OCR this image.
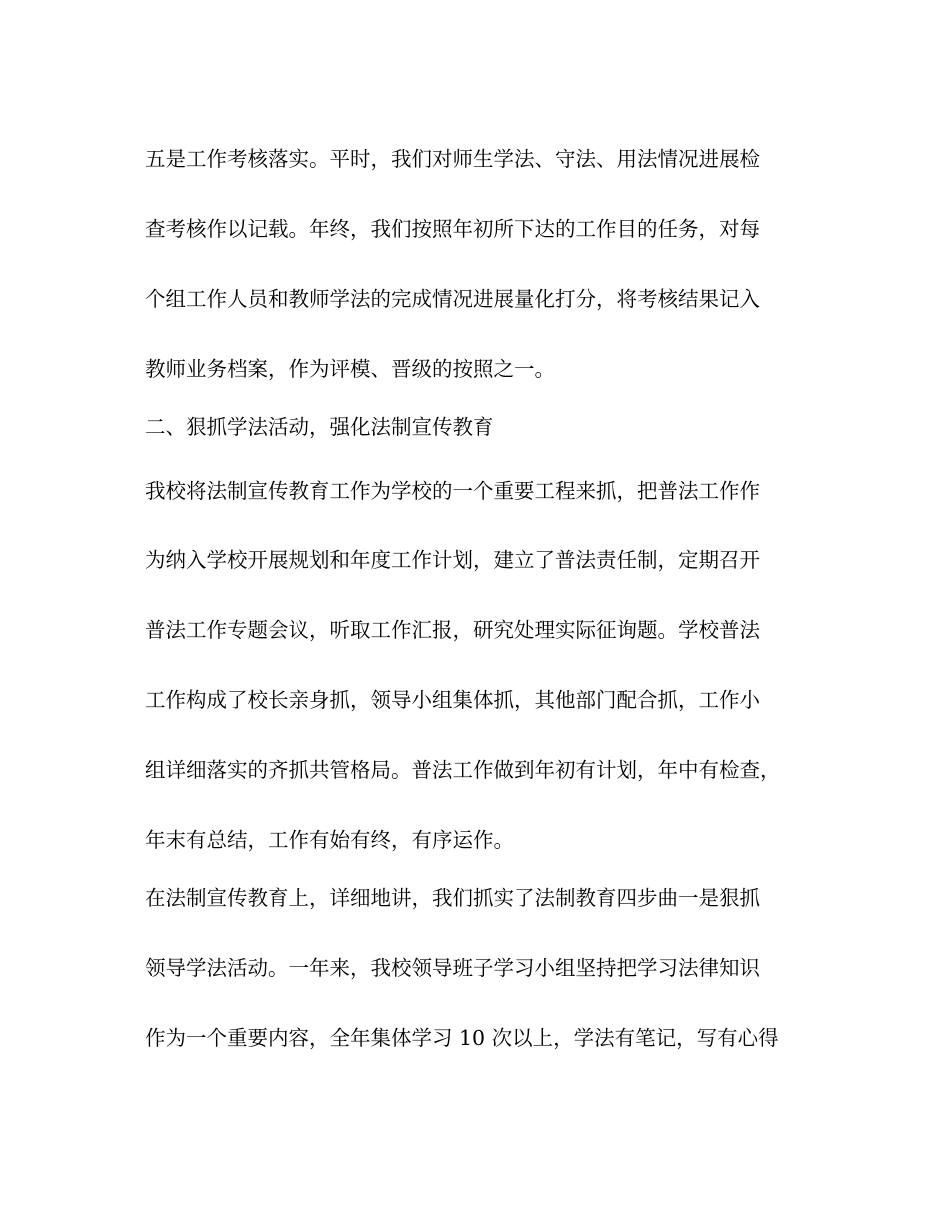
五是工作考核落实。平时，我们对师生学法、守法、用法情况进展检

查考核作以记载。年终，我们按照年初所下达的工作目的任务，对每

个组工作人员和教师学法的完成情况进展量化打分，将考核结果记入

教师业务档案，作为评模、晋级的按照之一。

二、狠抓学法活动，强化法制宣传教育

我校将法制宣传教育工作为学校的一个重要工程来抓，把普法工作作

为纳入学校开展规划和年度工作计划，建立了普法责任制，定期召开

普法工作专题会议，听取工作汇报，研究处理实际征询题。学校普法

工作构成了校长亲身抓，领导小组集体抓，其他部门配合抓，工作小

组详细落实的齐抓共管格局。普法工作做到年初有计划，年中有检查，

年末有总结，工作有始有终，有序运作。

在法制宣传教育上，详细地讲，我们抓实了法制教育四步曲一是狠抓

领导学法活动。一年来，我校领导班子学习小组坚持把学习法律知识

作为一个重要内容，全年集体学习 10 次以上，学法有笔记，写有心得
